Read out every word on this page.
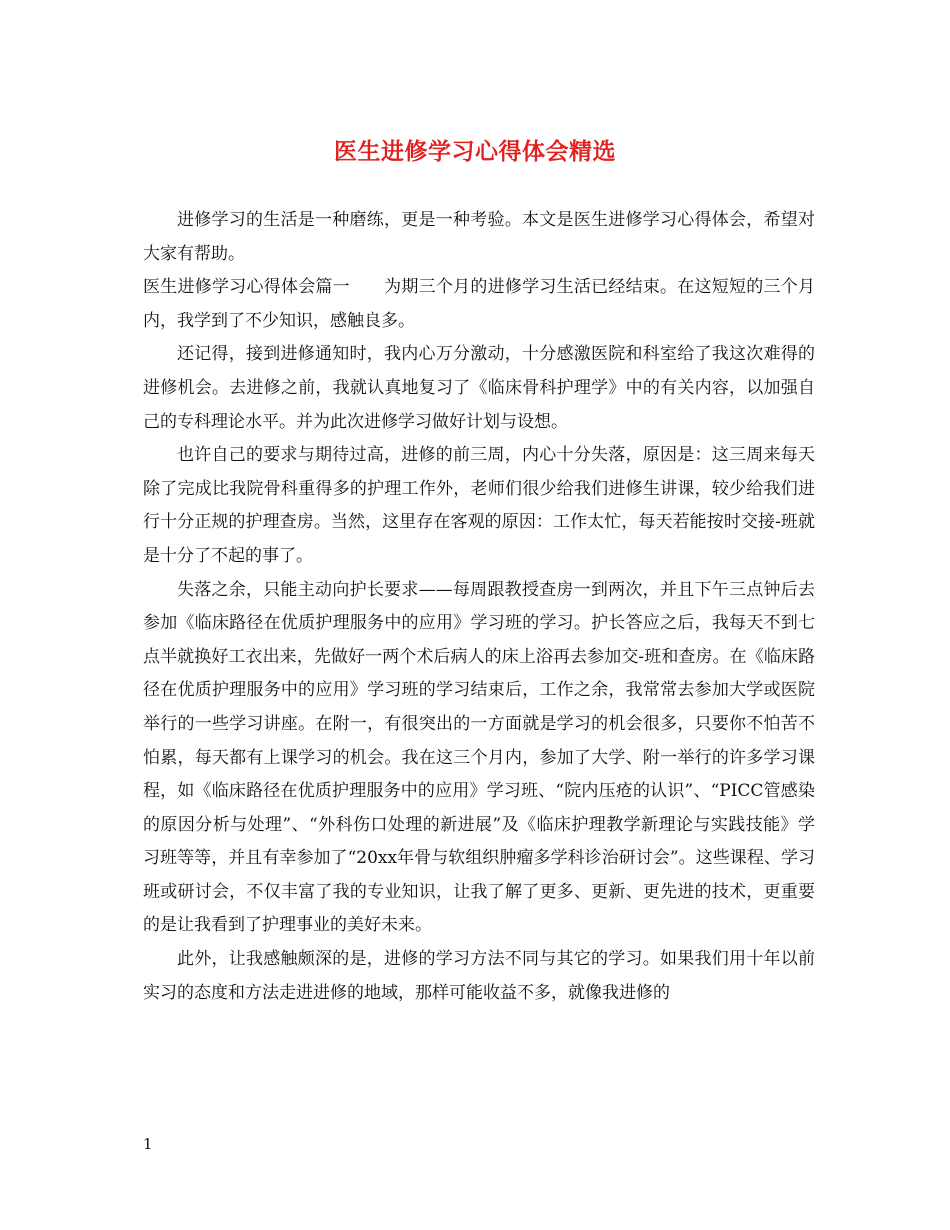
医生进修学习心得体会精选

进修学习的生活是一种磨练，更是一种考验。本文是医生进修学习心得体会，希望对大家有帮助。

医生进修学习心得体会篇一 为期三个月的进修学习生活已经结束。在这短短的三个月内，我学到了不少知识，感触良多。

还记得，接到进修通知时，我内心万分激动，十分感激医院和科室给了我这次难得的进修机会。去进修之前，我就认真地复习了《临床骨科护理学》中的有关内容，以加强自己的专科理论水平。并为此次进修学习做好计划与设想。

也许自己的要求与期待过高，进修的前三周，内心十分失落，原因是：这三周来每天除了完成比我院骨科重得多的护理工作外，老师们很少给我们进修生讲课，较少给我们进行十分正规的护理查房。当然，这里存在客观的原因：工作太忙，每天若能按时交接-班就是十分了不起的事了。

失落之余，只能主动向护长要求——每周跟教授查房一到两次，并且下午三点钟后去参加《临床路径在优质护理服务中的应用》学习班的学习。护长答应之后，我每天不到七点半就换好工衣出来，先做好一两个术后病人的床上浴再去参加交-班和查房。在《临床路径在优质护理服务中的应用》学习班的学习结束后，工作之余，我常常去参加大学或医院举行的一些学习讲座。在附一，有很突出的一方面就是学习的机会很多，只要你不怕苦不怕累，每天都有上课学习的机会。我在这三个月内，参加了大学、附一举行的许多学习课程，如《临床路径在优质护理服务中的应用》学习班、“院内压疮的认识”、“PICC管感染的原因分析与处理”、“外科伤口处理的新进展”及《临床护理教学新理论与实践技能》学习班等等，并且有幸参加了“20xx年骨与软组织肿瘤多学科诊治研讨会”。这些课程、学习班或研讨会，不仅丰富了我的专业知识，让我了解了更多、更新、更先进的技术，更重要的是让我看到了护理事业的美好未来。

此外，让我感触颇深的是，进修的学习方法不同与其它的学习。如果我们用十年以前实习的态度和方法走进进修的地域，那样可能收益不多，就像我进修的

1
